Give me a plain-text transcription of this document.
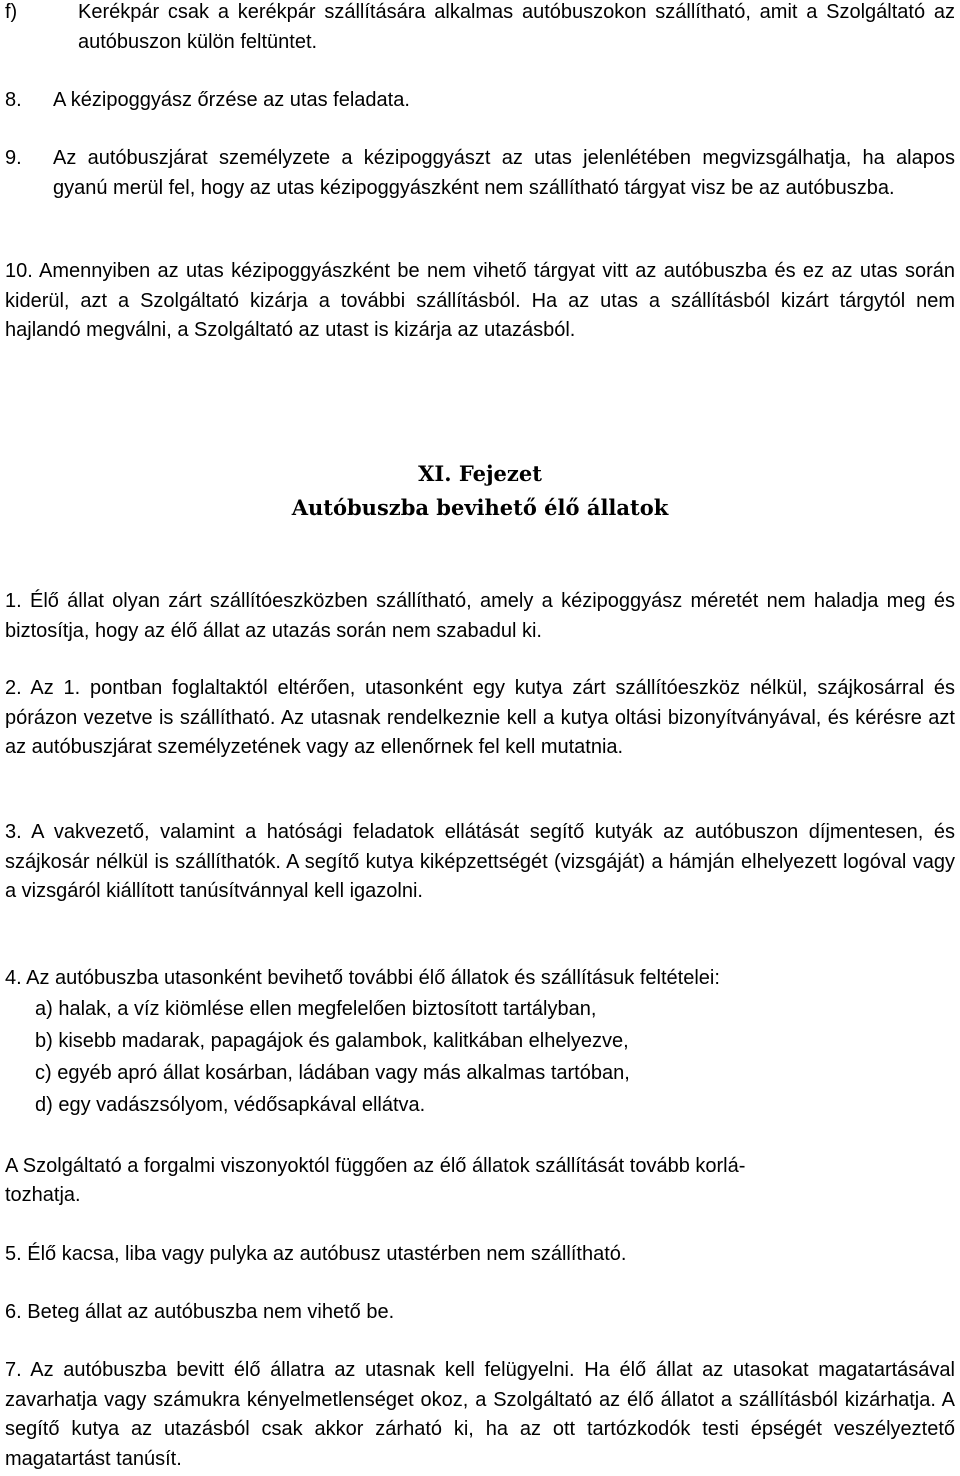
f)	Kerékpár csak a kerékpár szállítására alkalmas autóbuszokon szállítható, amit a Szolgáltató az autóbuszon külön feltüntet.
8.	A kézipoggyász őrzése az utas feladata.
9.	Az autóbuszjárat személyzete a kézipoggyászt az utas jelenlétében megvizsgálhatja, ha alapos gyanú merül fel, hogy az utas kézipoggyászként nem szállítható tárgyat visz be az autóbuszba.

10. Amennyiben az utas kézipoggyászként be nem vihető tárgyat vitt az autóbuszba és ez az utas során kiderül, azt a Szolgáltató kizárja a további szállításból. Ha az utas a szállításból kizárt tárgytól nem hajlandó megválni, a Szolgáltató az utast is kizárja az utazásból.

XI. Fejezet

Autóbuszba bevihető élő állatok

1. Élő állat olyan zárt szállítóeszközben szállítható, amely a kézipoggyász méretét nem haladja meg és biztosítja, hogy az élő állat az utazás során nem szabadul ki.

2. Az 1. pontban foglaltaktól eltérően, utasonként egy kutya zárt szállítóeszköz nélkül, szájkosárral és pórázon vezetve is szállítható. Az utasnak rendelkeznie kell a kutya oltási bizonyítványával, és kérésre azt az autóbuszjárat személyzetének vagy az ellenőrnek fel kell mutatnia.

3. A vakvezető, valamint a hatósági feladatok ellátását segítő kutyák az autóbuszon díjmentesen, és szájkosár nélkül is szállíthatók. A segítő kutya kiképzettségét (vizsgáját) a hámján elhelyezett logóval vagy a vizsgáról kiállított tanúsítvánnyal kell igazolni.

4. Az autóbuszba utasonként bevihető további élő állatok és szállításuk feltételei:

a) halak, a víz kiömlése ellen megfelelően biztosított tartályban,

b) kisebb madarak, papagájok és galambok, kalitkában elhelyezve,

c) egyéb apró állat kosárban, ládában vagy más alkalmas tartóban,

d) egy vadászsólyom, védősapkával ellátva.

A Szolgáltató a forgalmi viszonyoktól függően az élő állatok szállítását tovább korlá-

tozhatja.

5. Élő kacsa, liba vagy pulyka az autóbusz utastérben nem szállítható.

6. Beteg állat az autóbuszba nem vihető be.

7. Az autóbuszba bevitt élő állatra az utasnak kell felügyelni. Ha élő állat az utasokat magatartásával zavarhatja vagy számukra kényelmetlenséget okoz, a Szolgáltató az élő állatot a szállításból kizárhatja. A segítő kutya az utazásból csak akkor zárható ki, ha az ott tartózkodók testi épségét veszélyeztető magatartást tanúsít.
